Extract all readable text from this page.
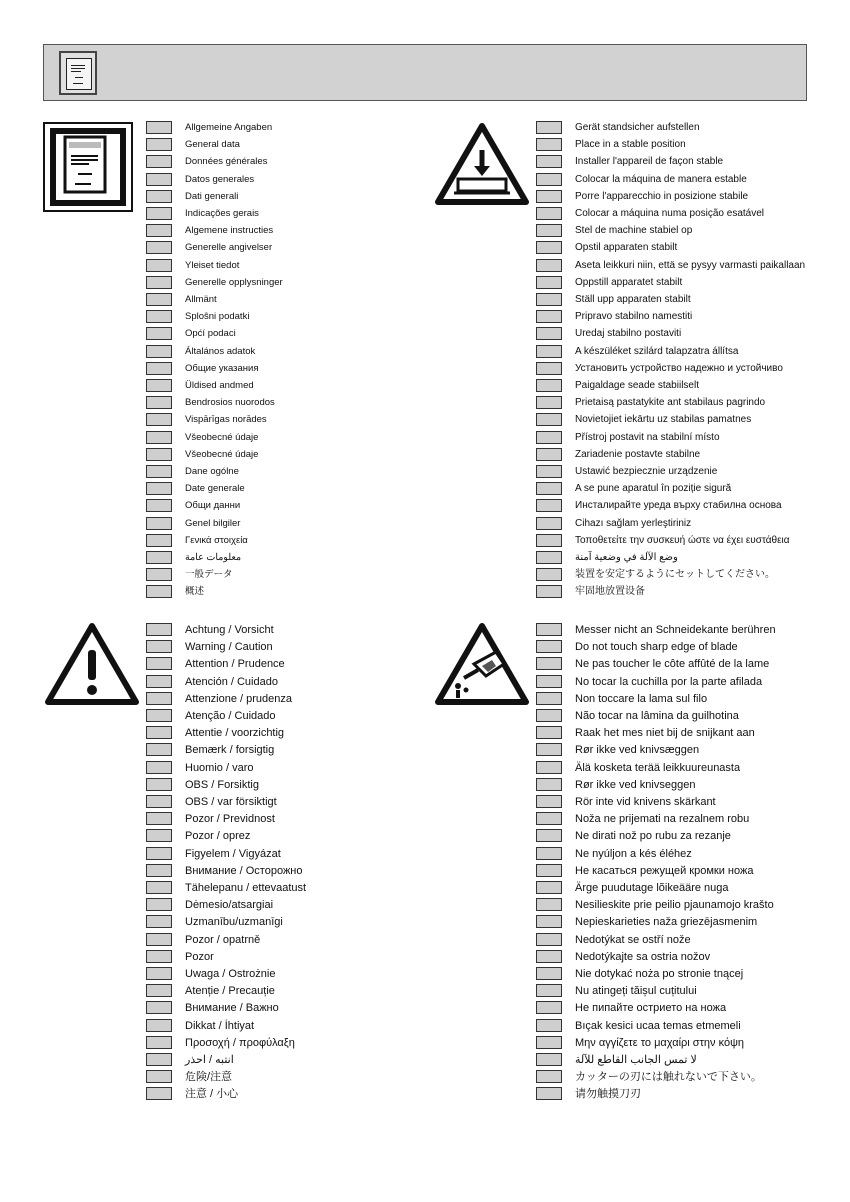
Allgemeine Angaben
General data
Données générales
Datos generales
Dati generali
Indicações gerais
Algemene instructies
Generelle angivelser
Yleiset tiedot
Generelle opplysninger
Allmänt
Sploŝni podatki
Općí podaci
Általános adatok
Общие указания
Üldised andmed
Bendrosios nuorodos
Vispārīgas norādes
Všeobecné údaje
Všeobecné údaje
Dane ogólne
Date generale
Общи данни
Genel bilgiler
Γενικά στοιχεία
معلومات عامة
一般データ
概述
Gerät standsicher aufstellen
Place in a stable position
Installer l'appareil de façon stable
Colocar la máquina de manera estable
Porre l'apparecchio in posizione stabile
Colocar a máquina numa posição esatável
Stel de machine stabiel op
Opstil apparaten stabilt
Aseta leikkuri niin, että se pysyy varmasti paikallaan
Oppstill apparatet stabilt
Ställ upp apparaten stabilt
Pripravo stabilno namestiti
Uredaj stabilno postaviti
A készüléket szilárd talapzatra állítsa
Установить устройство надежно и устойчиво
Paigaldage seade stabiilselt
Prietaisą pastatykite ant stabilaus pagrindo
Novietojiet iekārtu uz stabilas pamatnes
Přístroj postavit na stabilní místo
Zariadenie postavte stabilne
Ustawić bezpiecznie urządzenie
A se pune aparatul în poziție sigură
Инсталирайте уреда върху стабилна основа
Cihazı sağlam yerleştiriniz
Τοποθετείτε την συσκευή ώστε να έχει ευστάθεια
وضع الآلة في وضعية آمنة
装置を安定するようにセットしてください。
牢固地放置设备
Achtung / Vorsicht
Warning / Caution
Attention / Prudence
Atención / Cuidado
Attenzione / prudenza
Atenção / Cuidado
Attentie / voorzichtig
Bemærk / forsigtig
Huomio / varo
OBS / Forsiktig
OBS / var försiktigt
Pozor / Previdnost
Pozor / oprez
Figyelem / Vigyázat
Внимание / Осторожно
Tähelepanu / ettevaatust
Dėmesio/atsargiai
Uzmanību/uzmanīgi
Pozor / opatrně
Pozor
Uwaga / Ostrożnie
Atenție / Precauție
Внимание / Важно
Dikkat / İhtiyat
Προσοχή / προφύλαξη
انتبه / احذر
危険/注意
注意 / 小心
Messer nicht an Schneidekante berühren
Do not touch sharp edge of blade
Ne pas toucher le côte affûté de la lame
No tocar la cuchilla por la parte afilada
Non toccare la lama sul filo
Não tocar na lâmina da guilhotina
Raak het mes niet bij de snijkant aan
Rør ikke ved knivsæggen
Älä kosketa terää leikkuureunasta
Rør ikke ved knivseggen
Rör inte vid knivens skärkant
Noža ne prijemati na rezalnem robu
Ne dirati nož po rubu za rezanje
Ne nyúljon a kés éléhez
Не касаться режущей кромки ножа
Ärge puudutage lõikeääre nuga
Nesilieskite prie peilio pjaunamojo krašto
Nepieskarieties naža griezējasmenim
Nedotýkat se ostří nože
Nedotýkajte sa ostria nožov
Nie dotykać noża po stronie tnącej
Nu atingeți tăișul cuțitului
Не пипайте острието на ножа
Bıçak kesici ucaa temas etmemeli
Μην αγγίζετε το μαχαίρι στην κόψη
لا تمس الجانب القاطع للآلة
カッターの刃には触れないで下さい。
请勿触摸刀刃
